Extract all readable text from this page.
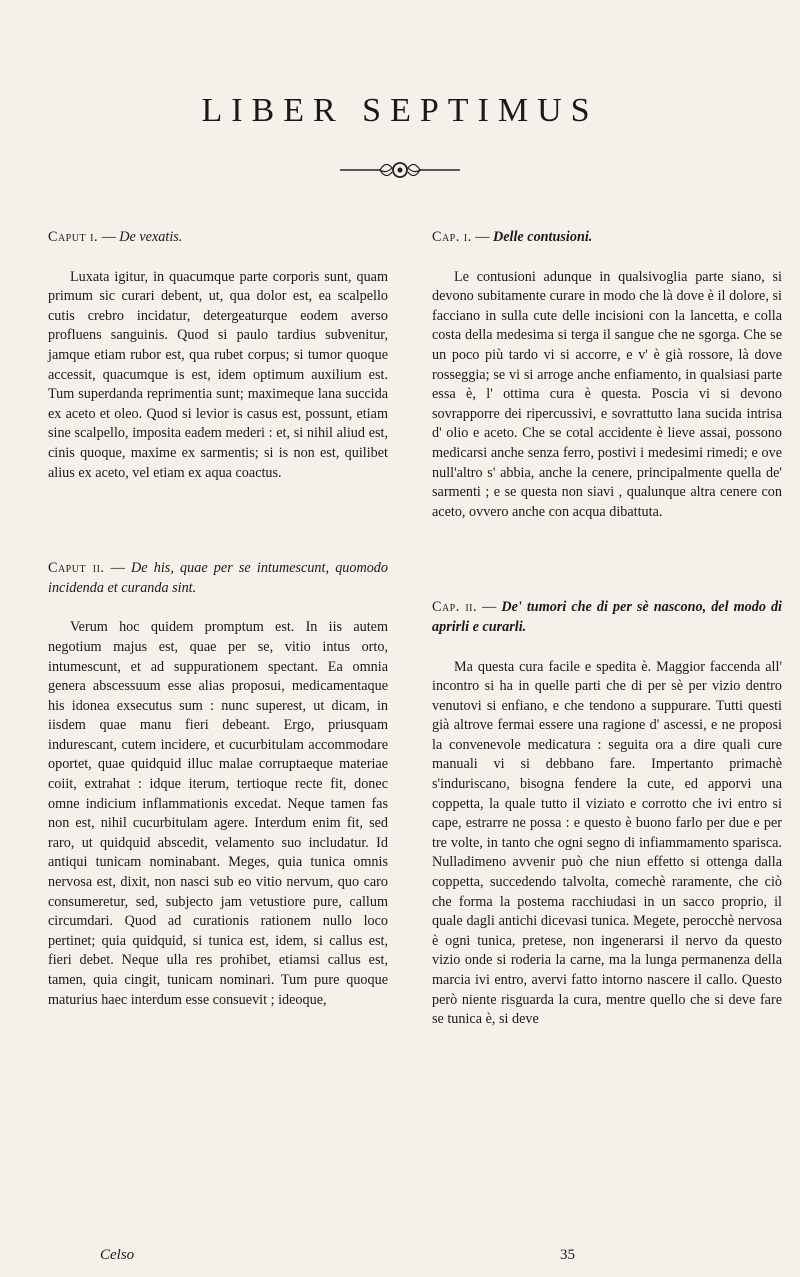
LIBER SEPTIMUS
Caput i. — De vexatis.

Luxata igitur, in quacumque parte corporis sunt, quam primum sic curari debent, ut, qua dolor est, ea scalpello cutis crebro incidatur, detergeaturque eodem averso profluens sanguinis. Quod si paulo tardius subvenitur, jamque etiam rubor est, qua rubet corpus; si tumor quoque accessit, quacumque is est, idem optimum auxilium est. Tum superdanda reprimentia sunt; maximeque lana succida ex aceto et oleo. Quod si levior is casus est, possunt, etiam sine scalpello, imposita eadem mederi : et, si nihil aliud est, cinis quoque, maxime ex sarmentis; si is non est, quilibet alius ex aceto, vel etiam ex aqua coactus.

Caput ii. — De his, quae per se intumescunt, quomodo incidenda et curanda sint.

Verum hoc quidem promptum est. In iis autem negotium majus est, quae per se, vitio intus orto, intumescunt, et ad suppurationem spectant. Ea omnia genera abscessuum esse alias proposui, medicamentaque his idonea exsecutus sum : nunc superest, ut dicam, in iisdem quae manu fieri debeant. Ergo, priusquam indurescant, cutem incidere, et cucurbitulam accommodare oportet, quae quidquid illuc malae corruptaeque materiae coiit, extrahat : idque iterum, tertioque recte fit, donec omne indicium inflammationis excedat. Neque tamen fas non est, nihil cucurbitulam agere. Interdum enim fit, sed raro, ut quidquid abscedit, velamento suo includatur. Id antiqui tunicam nominabant. Meges, quia tunica omnis nervosa est, dixit, non nasci sub eo vitio nervum, quo caro consumeretur, sed, subjecto jam vetustiore pure, callum circumdari. Quod ad curationis rationem nullo loco pertinet; quia quidquid, si tunica est, idem, si callus est, fieri debet. Neque ulla res prohibet, etiamsi callus est, tamen, quia cingit, tunicam nominari. Tum pure quoque maturius haec interdum esse consuevit ; ideoque,

Cap. i. — Delle contusioni.

Le contusioni adunque in qualsivoglia parte siano, si devono subitamente curare in modo che là dove è il dolore, si facciano in sulla cute delle incisioni con la lancetta, e colla costa della medesima si terga il sangue che ne sgorga. Che se un poco più tardo vi si accorre, e v' è già rossore, là dove rosseggia; se vi si arroge anche enfiamento, in qualsiasi parte essa è, l' ottima cura è questa. Poscia vi si devono sovrapporre dei ripercussivi, e sovrattutto lana sucida intrisa d' olio e aceto. Che se cotal accidente è lieve assai, possono medicarsi anche senza ferro, postivi i medesimi rimedi; e ove null'altro s' abbia, anche la cenere, principalmente quella de' sarmenti ; e se questa non siavi , qualunque altra cenere con aceto, ovvero anche con acqua dibattuta.

Cap. ii. — De' tumori che di per sè nascono, del modo di aprirli e curarli.

Ma questa cura facile e spedita è. Maggior faccenda all' incontro si ha in quelle parti che di per sè per vizio dentro venutovi si enfiano, e che tendono a suppurare. Tutti questi già altrove fermai essere una ragione d' ascessi, e ne proposi la convenevole medicatura : seguita ora a dire quali cure manuali vi si debbano fare. Impertanto primachè s'induriscano, bisogna fendere la cute, ed apporvi una coppetta, la quale tutto il viziato e corrotto che ivi entro si cape, estrarre ne possa : e questo è buono farlo per due e per tre volte, in tanto che ogni segno di infiammamento sparisca. Nulladimeno avvenir può che niun effetto si ottenga dalla coppetta, succedendo talvolta, comechè raramente, che ciò che forma la postema racchiudasi in un sacco proprio, il quale dagli antichi dicevasi tunica. Megete, perocchè nervosa è ogni tunica, pretese, non ingenerarsi il nervo da questo vizio onde si roderia la carne, ma la lunga permanenza della marcia ivi entro, avervi fatto intorno nascere il callo. Questo però niente risguarda la cura, mentre quello che si deve fare se tunica è, si deve

Celso	35
